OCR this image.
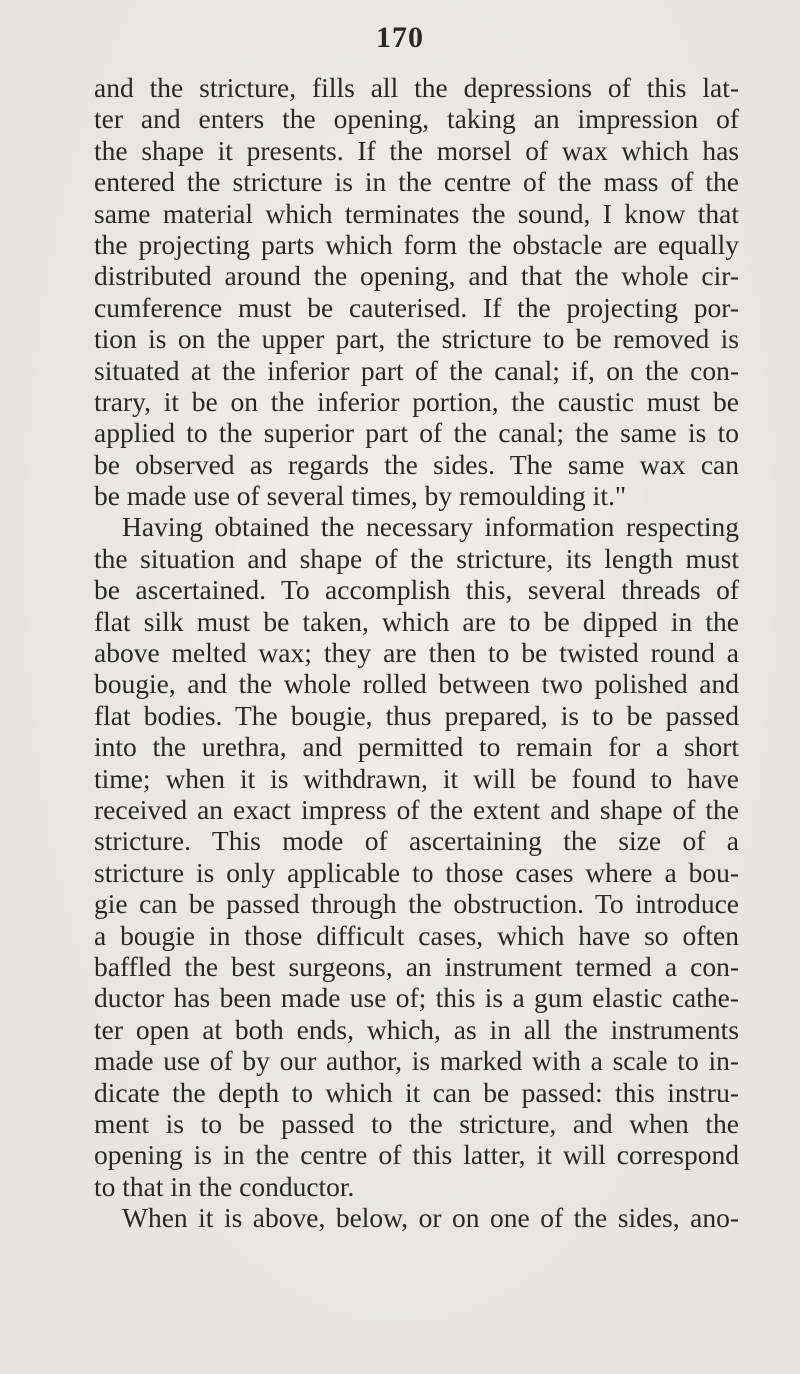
170
and the stricture, fills all the depressions of this lat-
ter and enters the opening, taking an impression of
the shape it presents. If the morsel of wax which has
entered the stricture is in the centre of the mass of the
same material which terminates the sound, I know that
the projecting parts which form the obstacle are equally
distributed around the opening, and that the whole cir-
cumference must be cauterised. If the projecting por-
tion is on the upper part, the stricture to be removed is
situated at the inferior part of the canal; if, on the con-
trary, it be on the inferior portion, the caustic must be
applied to the superior part of the canal; the same is to
be observed as regards the sides. The same wax can
be made use of several times, by remoulding it."
Having obtained the necessary information respecting
the situation and shape of the stricture, its length must
be ascertained. To accomplish this, several threads of
flat silk must be taken, which are to be dipped in the
above melted wax; they are then to be twisted round a
bougie, and the whole rolled between two polished and
flat bodies. The bougie, thus prepared, is to be passed
into the urethra, and permitted to remain for a short
time; when it is withdrawn, it will be found to have
received an exact impress of the extent and shape of the
stricture. This mode of ascertaining the size of a
stricture is only applicable to those cases where a bou-
gie can be passed through the obstruction. To introduce
a bougie in those difficult cases, which have so often
baffled the best surgeons, an instrument termed a con-
ductor has been made use of; this is a gum elastic cathe-
ter open at both ends, which, as in all the instruments
made use of by our author, is marked with a scale to in-
dicate the depth to which it can be passed: this instru-
ment is to be passed to the stricture, and when the
opening is in the centre of this latter, it will correspond
to that in the conductor.
When it is above, below, or on one of the sides, ano-
